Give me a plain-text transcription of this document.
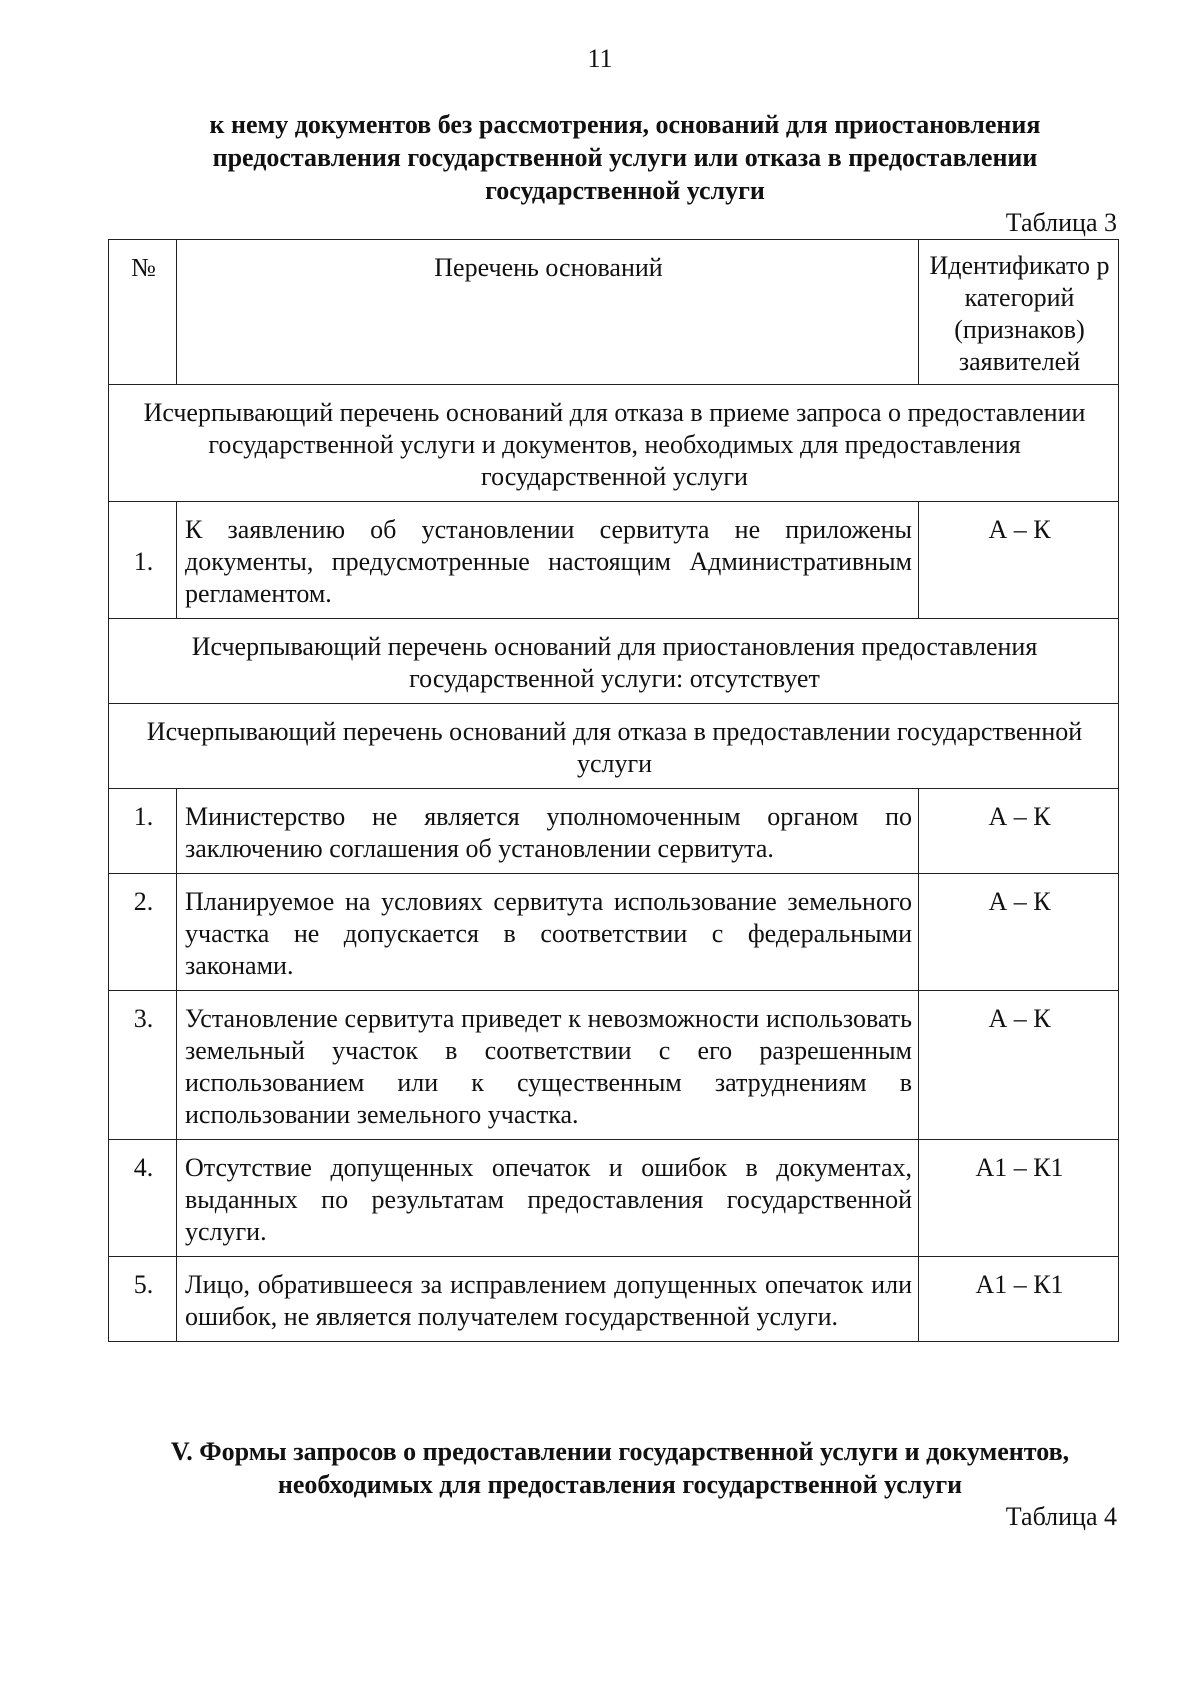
11

к нему документов без рассмотрения, оснований для приостановления

предоставления государственной услуги или отказа в предоставлении

государственной услуги

Таблица 3
№	Перечень оснований	Идентификато р категорий (признаков) заявителей
Исчерпывающий перечень оснований для отказа в приеме запроса о предоставлении государственной услуги и документов, необходимых для предоставления государственной услуги		
1.	К заявлению об установлении сервитута не приложены документы, предусмотренные настоящим Административным регламентом.	А – К
Исчерпывающий перечень оснований для приостановления предоставления государственной услуги: отсутствует		
Исчерпывающий перечень оснований для отказа в предоставлении государственной услуги		
1.	Министерство не является уполномоченным органом по заключению соглашения об установлении сервитута.	А – К
2.	Планируемое на условиях сервитута использование земельного участка не допускается в соответствии с федеральными законами.	А – К
3.	Установление сервитута приведет к невозможности использовать земельный участок в соответствии с его разрешенным использованием или к существенным затруднениям в использовании земельного участка.	А – К
4.	Отсутствие допущенных опечаток и ошибок в документах, выданных по результатам предоставления государственной услуги.	А1 – К1
5.	Лицо, обратившееся за исправлением допущенных опечаток или ошибок, не является получателем государственной услуги.	А1 – К1

V. Формы запросов о предоставлении государственной услуги и документов,

необходимых для предоставления государственной услуги

Таблица 4
